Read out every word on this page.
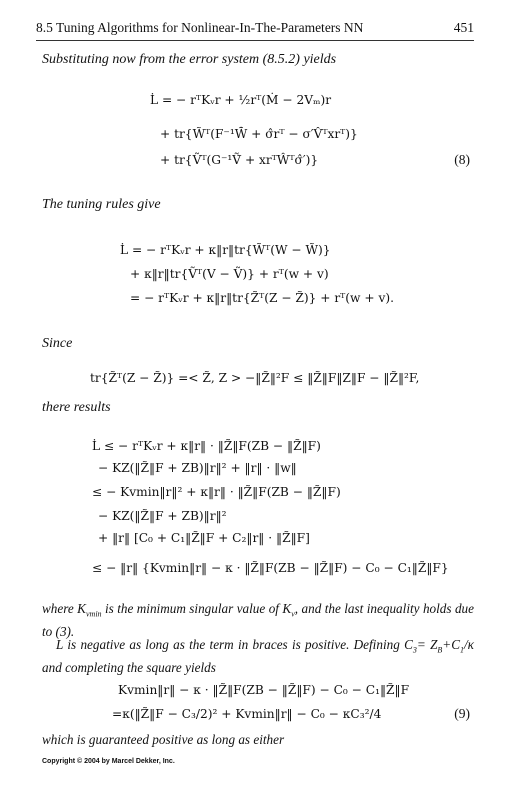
8.5 Tuning Algorithms for Nonlinear-In-The-Parameters NN	451
Substituting now from the error system (8.5.2) yields
L̇ = − rᵀKᵥr + ½rᵀ(Ṁ − 2Vₘ)r
+ tr{W̃ᵀ(F⁻¹W̃̇ + σ̂rᵀ − σ′V̂ᵀxrᵀ)}
+ tr{Ṽᵀ(G⁻¹Ṽ̇ + xrᵀŴᵀσ̂′)}	(8)
The tuning rules give
L̇ = − rᵀKᵥr + κ‖r‖tr{W̃ᵀ(W − W̃)}
+ κ‖r‖tr{Ṽᵀ(V − Ṽ)} + rᵀ(w + v)
= − rᵀKᵥr + κ‖r‖tr{Z̃ᵀ(Z − Z̃)} + rᵀ(w + v).
Since
tr{Z̃ᵀ(Z − Z̃)} =< Z̃, Z > −‖Z̃‖²F ≤ ‖Z̃‖F‖Z‖F − ‖Z̃‖²F,
there results
L̇ ≤ − rᵀKᵥr + κ‖r‖ · ‖Z̃‖F(ZB − ‖Z̃‖F)
− KZ(‖Z̃‖F + ZB)‖r‖² + ‖r‖ · ‖w‖
≤ − Kvmin‖r‖² + κ‖r‖ · ‖Z̃‖F(ZB − ‖Z̃‖F)
− KZ(‖Z̃‖F + ZB)‖r‖²
+ ‖r‖ [C₀ + C₁‖Z̃‖F + C₂‖r‖ · ‖Z̃‖F]
≤ − ‖r‖ {Kvmin‖r‖ − κ · ‖Z̃‖F(ZB − ‖Z̃‖F) − C₀ − C₁‖Z̃‖F}
where $K_{vmin}$ is the minimum singular value of $K_v$, and the last inequality holds due to (3).
L is negative as long as the term in braces is positive. Defining $C_3= Z_B+C_1/\kappa$ and completing the square yields
Kvmin‖r‖ − κ · ‖Z̃‖F(ZB − ‖Z̃‖F) − C₀ − C₁‖Z̃‖F
=κ(‖Z̃‖F − C₃/2)² + Kvmin‖r‖ − C₀ − κC₃²/4	(9)
which is guaranteed positive as long as either
Copyright © 2004 by Marcel Dekker, Inc.
